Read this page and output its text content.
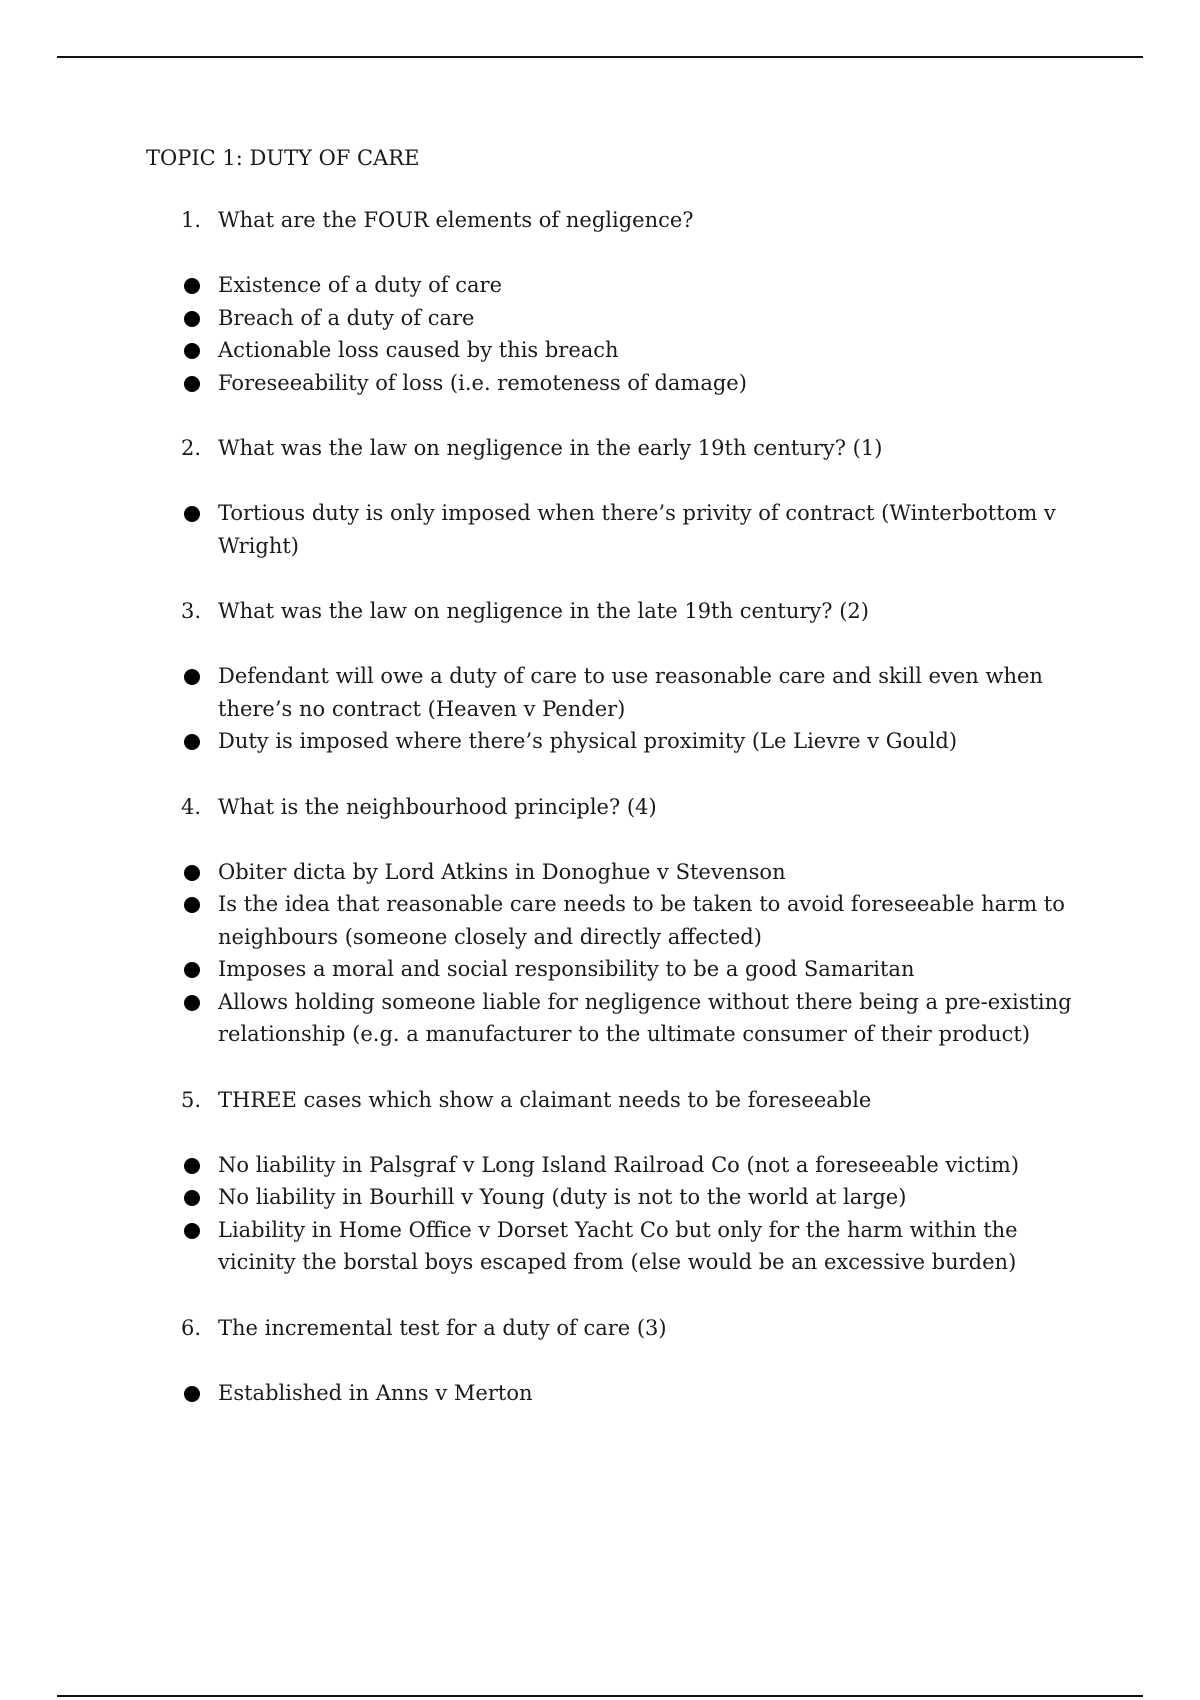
TOPIC 1: DUTY OF CARE
1. What are the FOUR elements of negligence?
Existence of a duty of care
Breach of a duty of care
Actionable loss caused by this breach
Foreseeability of loss (i.e. remoteness of damage)
2. What was the law on negligence in the early 19th century? (1)
Tortious duty is only imposed when there’s privity of contract (Winterbottom v Wright)
3. What was the law on negligence in the late 19th century? (2)
Defendant will owe a duty of care to use reasonable care and skill even when there’s no contract (Heaven v Pender)
Duty is imposed where there’s physical proximity (Le Lievre v Gould)
4. What is the neighbourhood principle? (4)
Obiter dicta by Lord Atkins in Donoghue v Stevenson
Is the idea that reasonable care needs to be taken to avoid foreseeable harm to neighbours (someone closely and directly affected)
Imposes a moral and social responsibility to be a good Samaritan
Allows holding someone liable for negligence without there being a pre-existing relationship (e.g. a manufacturer to the ultimate consumer of their product)
5. THREE cases which show a claimant needs to be foreseeable
No liability in Palsgraf v Long Island Railroad Co (not a foreseeable victim)
No liability in Bourhill v Young (duty is not to the world at large)
Liability in Home Office v Dorset Yacht Co but only for the harm within the vicinity the borstal boys escaped from (else would be an excessive burden)
6. The incremental test for a duty of care (3)
Established in Anns v Merton
